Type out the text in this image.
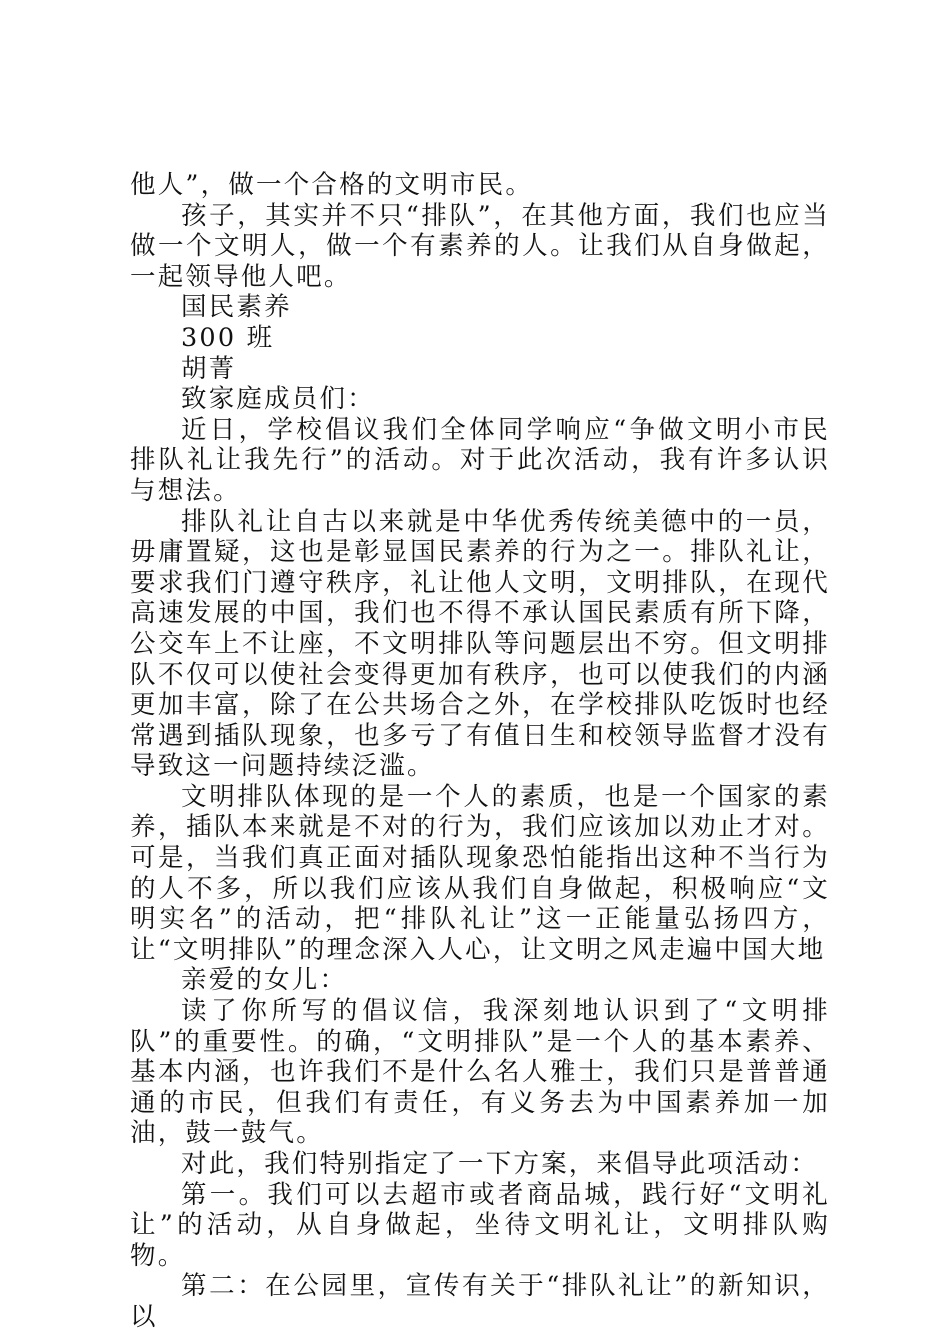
他人”，做一个合格的文明市民。

孩子，其实并不只“排队”，在其他方面，我们也应当做一个文明人，做一个有素养的人。让我们从自身做起，一起领导他人吧。

国民素养

300 班

胡菁

致家庭成员们：

近日，学校倡议我们全体同学响应“争做文明小市民排队礼让我先行”的活动。对于此次活动，我有许多认识与想法。

排队礼让自古以来就是中华优秀传统美德中的一员，毋庸置疑，这也是彰显国民素养的行为之一。排队礼让，要求我们门遵守秩序，礼让他人文明，文明排队，在现代高速发展的中国，我们也不得不承认国民素质有所下降，公交车上不让座，不文明排队等问题层出不穷。但文明排队不仅可以使社会变得更加有秩序，也可以使我们的内涵更加丰富，除了在公共场合之外，在学校排队吃饭时也经常遇到插队现象，也多亏了有值日生和校领导监督才没有导致这一问题持续泛滥。

文明排队体现的是一个人的素质，也是一个国家的素养，插队本来就是不对的行为，我们应该加以劝止才对。可是，当我们真正面对插队现象恐怕能指出这种不当行为的人不多，所以我们应该从我们自身做起，积极响应“文明实名”的活动，把“排队礼让”这一正能量弘扬四方，让“文明排队”的理念深入人心，让文明之风走遍中国大地

亲爱的女儿：

读了你所写的倡议信，我深刻地认识到了“文明排队”的重要性。的确，“文明排队”是一个人的基本素养、基本内涵，也许我们不是什么名人雅士，我们只是普普通通的市民，但我们有责任，有义务去为中国素养加一加油，鼓一鼓气。

对此，我们特别指定了一下方案，来倡导此项活动：

第一。我们可以去超市或者商品城，践行好“文明礼让”的活动，从自身做起，坐待文明礼让，文明排队购物。

第二：在公园里，宣传有关于“排队礼让”的新知识，以
